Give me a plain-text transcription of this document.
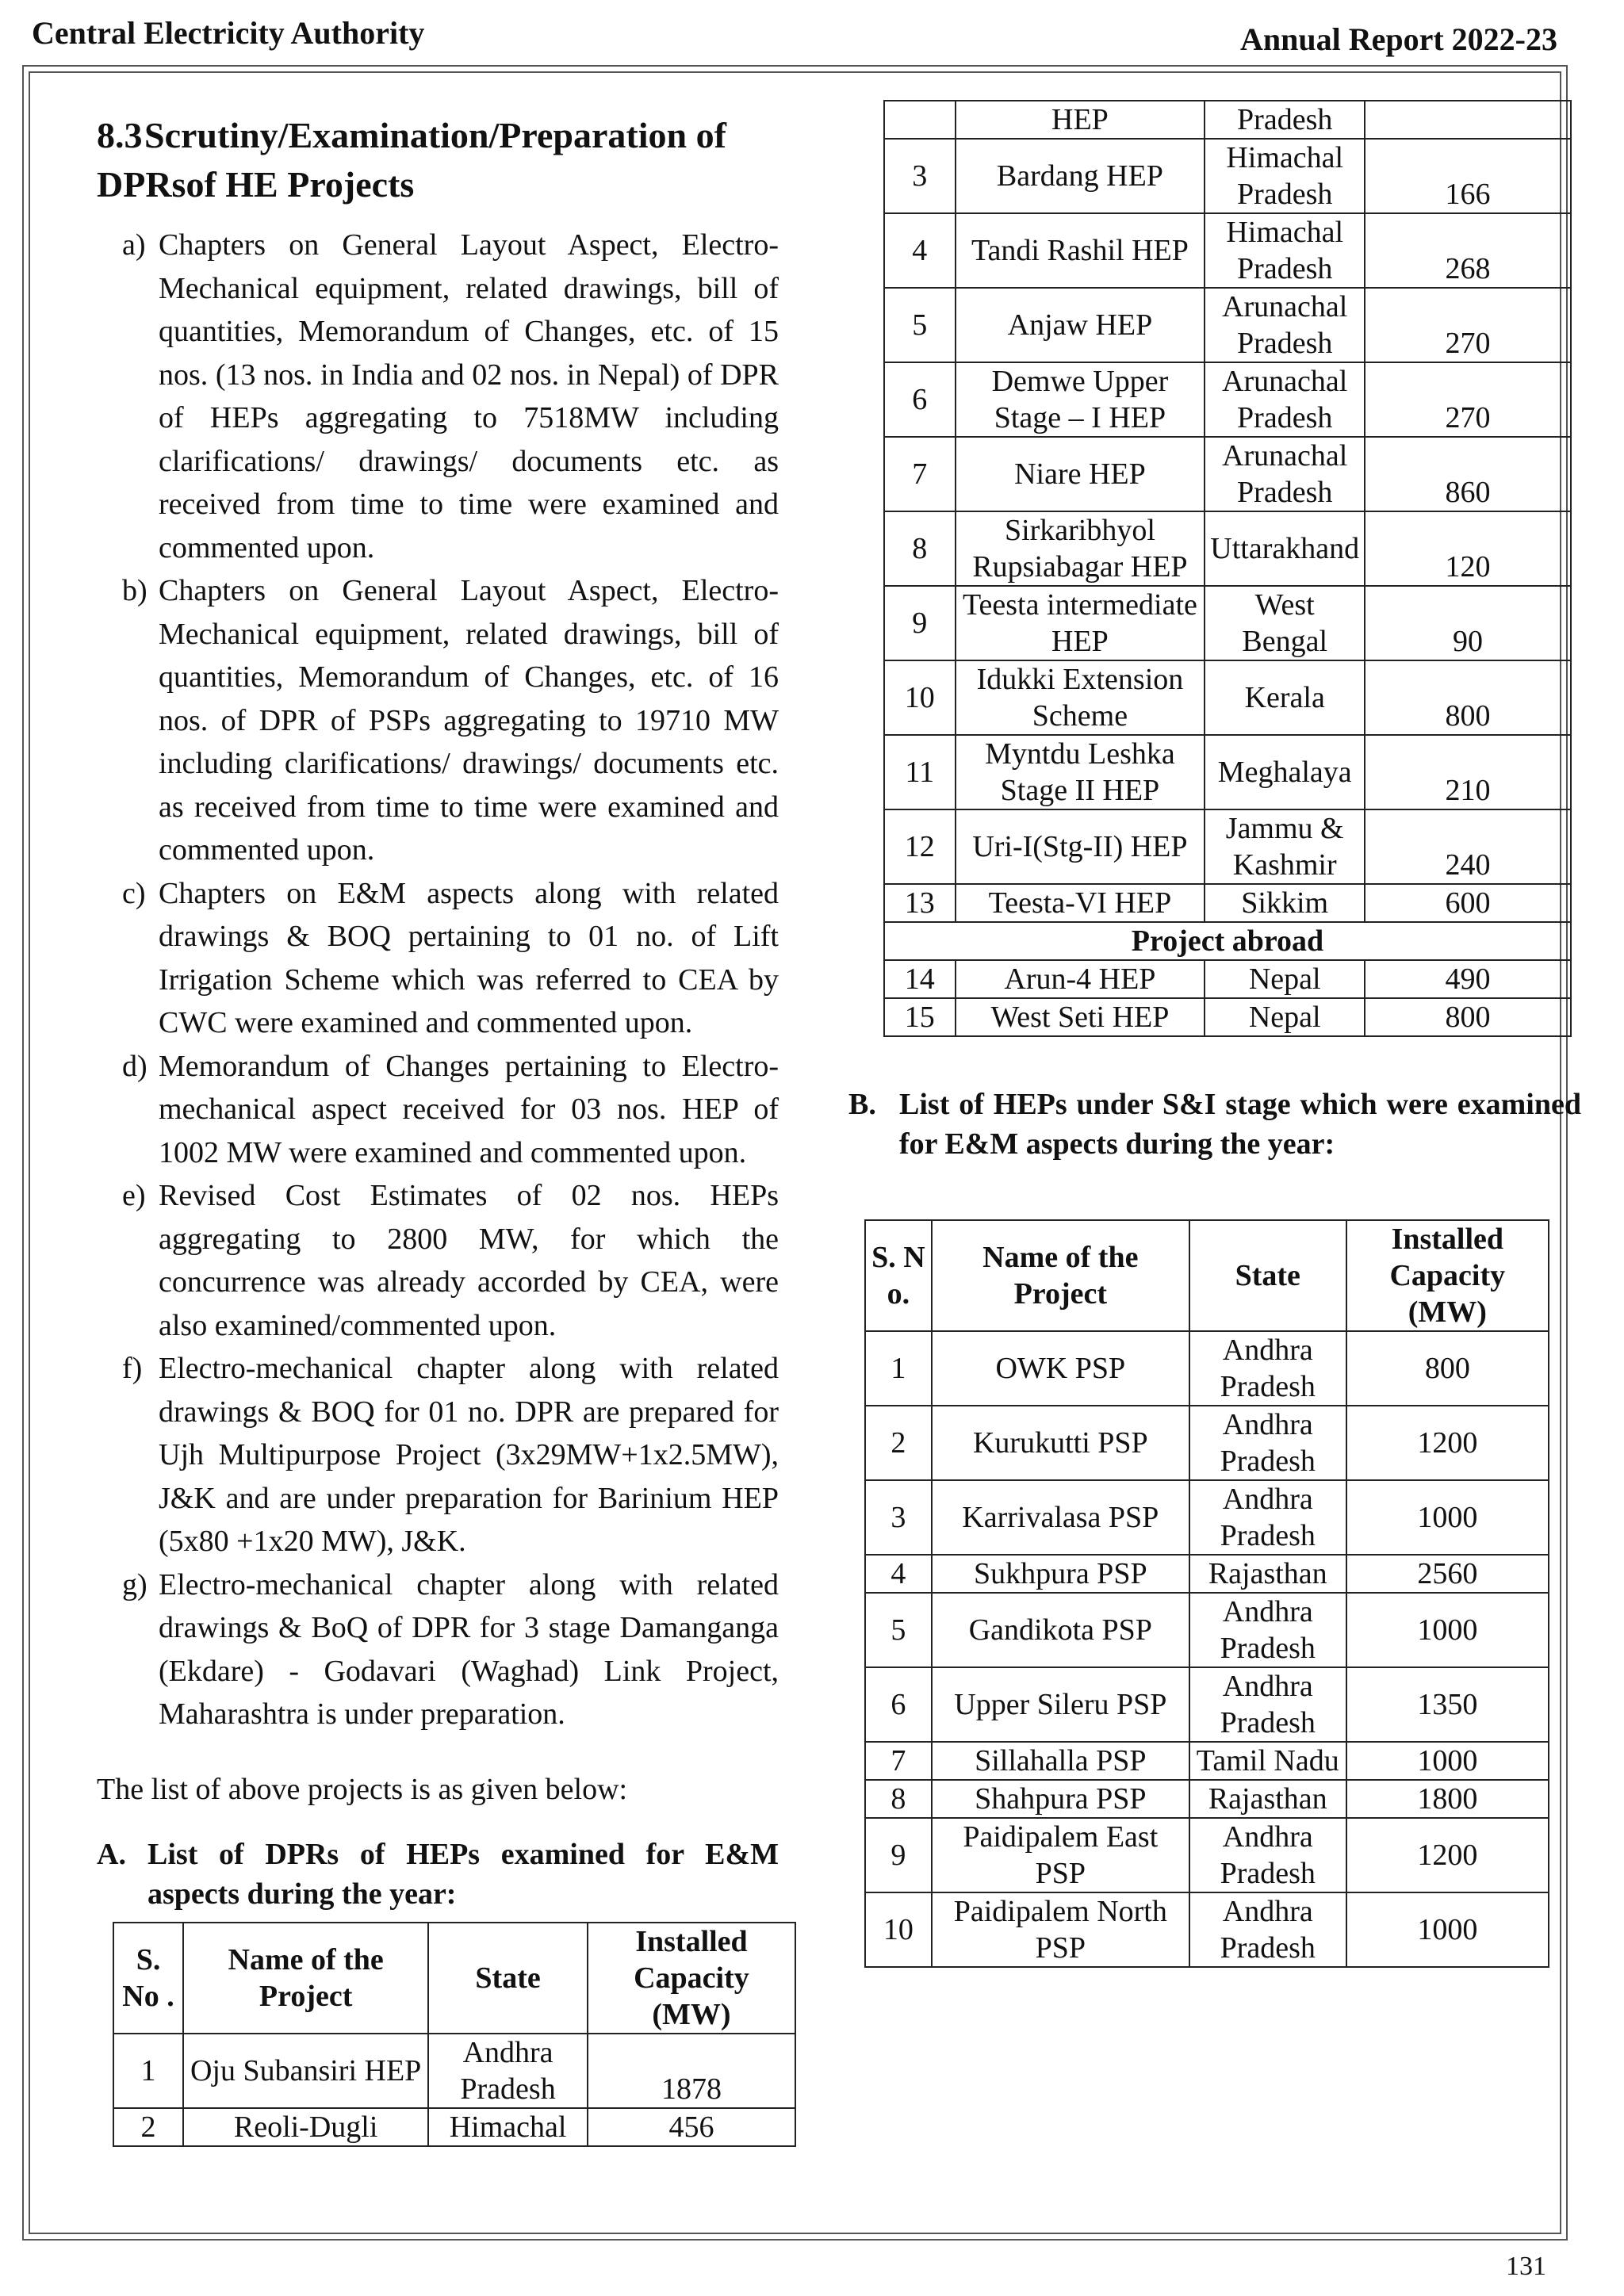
Central Electricity Authority	Annual Report 2022-23
8.3Scrutiny/Examination/Preparation of DPRsof HE Projects
a) Chapters on General Layout Aspect, Electro-Mechanical equipment, related drawings, bill of quantities, Memorandum of Changes, etc. of 15 nos. (13 nos. in India and 02 nos. in Nepal) of DPR of HEPs aggregating to 7518MW including clarifications/ drawings/ documents etc. as received from time to time were examined and commented upon.
b) Chapters on General Layout Aspect, Electro-Mechanical equipment, related drawings, bill of quantities, Memorandum of Changes, etc. of 16 nos. of DPR of PSPs aggregating to 19710 MW including clarifications/ drawings/ documents etc. as received from time to time were examined and commented upon.
c) Chapters on E&M aspects along with related drawings & BOQ pertaining to 01 no. of Lift Irrigation Scheme which was referred to CEA by CWC were examined and commented upon.
d) Memorandum of Changes pertaining to Electro-mechanical aspect received for 03 nos. HEP of 1002 MW were examined and commented upon.
e) Revised Cost Estimates of 02 nos. HEPs aggregating to 2800 MW, for which the concurrence was already accorded by CEA, were also examined/commented upon.
f) Electro-mechanical chapter along with related drawings & BOQ for 01 no. DPR are prepared for Ujh Multipurpose Project (3x29MW+1x2.5MW), J&K and are under preparation for Barinium HEP (5x80 +1x20 MW), J&K.
g) Electro-mechanical chapter along with related drawings & BoQ of DPR for 3 stage Damanganga (Ekdare) - Godavari (Waghad) Link Project, Maharashtra is under preparation.

The list of above projects is as given below:

A. List of DPRs of HEPs examined for E&M aspects during the year:
S. No .	Name of the Project	State	Installed Capacity (MW)
1	Oju Subansiri HEP	Andhra Pradesh	1878
2	Reoli-Dugli	Himachal	456
	HEP	Pradesh	
3	Bardang HEP	Himachal Pradesh	166
4	Tandi Rashil HEP	Himachal Pradesh	268
5	Anjaw HEP	Arunachal Pradesh	270
6	Demwe Upper Stage – I HEP	Arunachal Pradesh	270
7	Niare HEP	Arunachal Pradesh	860
8	Sirkaribhyol Rupsiabagar HEP	Uttarakhand	120
9	Teesta intermediate HEP	West Bengal	90
10	Idukki Extension Scheme	Kerala	800
11	Myntdu Leshka Stage II HEP	Meghalaya	210
12	Uri-I(Stg-II) HEP	Jammu & Kashmir	240
13	Teesta-VI HEP	Sikkim	600
Project abroad			
14	Arun-4 HEP	Nepal	490
15	West Seti HEP	Nepal	800
B. List of HEPs under S&I stage which were examined for E&M aspects during the year:
S. N o.	Name of the Project	State	Installed Capacity (MW)
1	OWK PSP	Andhra Pradesh	800
2	Kurukutti PSP	Andhra Pradesh	1200
3	Karrivalasa PSP	Andhra Pradesh	1000
4	Sukhpura PSP	Rajasthan	2560
5	Gandikota PSP	Andhra Pradesh	1000
6	Upper Sileru PSP	Andhra Pradesh	1350
7	Sillahalla PSP	Tamil Nadu	1000
8	Shahpura PSP	Rajasthan	1800
9	Paidipalem East PSP	Andhra Pradesh	1200
10	Paidipalem North PSP	Andhra Pradesh	1000
131
